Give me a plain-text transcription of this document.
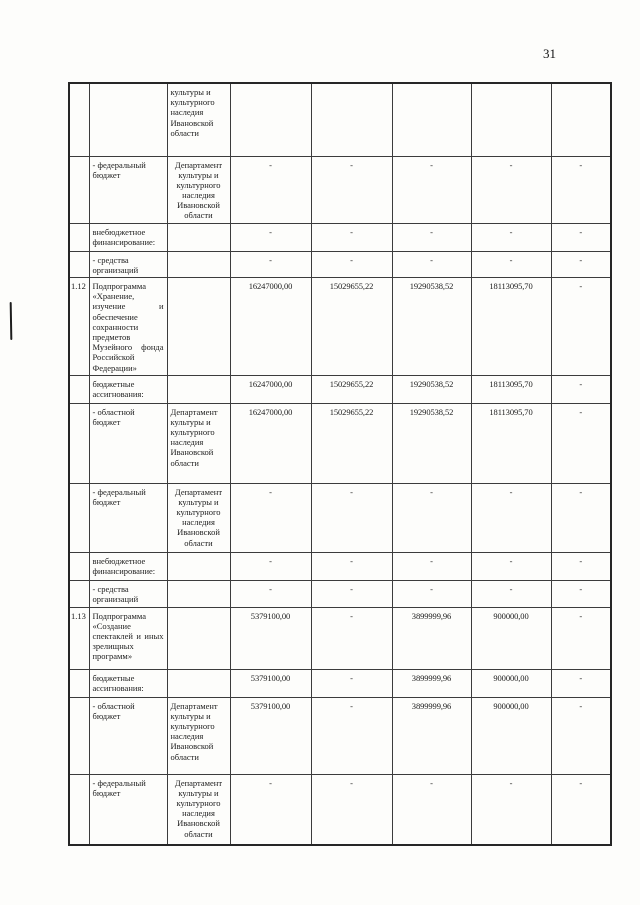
31
		культуры и культурного наследия Ивановской области					
	- федеральный бюджет	Департамент культуры и культурного наследия Ивановской области	-	-	-	-	-
	внебюджетное финансирование:		-	-	-	-	-
	- средства организаций		-	-	-	-	-
1.12	Подпрограмма «Хранение, изучение и обеспечение сохранности предметов Музейного фонда Российской Федерации»		16247000,00	15029655,22	19290538,52	18113095,70	-
	бюджетные ассигнования:		16247000,00	15029655,22	19290538,52	18113095,70	-
	- областной бюджет	Департамент культуры и культурного наследия Ивановской области	16247000,00	15029655,22	19290538,52	18113095,70	-
	- федеральный бюджет	Департамент культуры и культурного наследия Ивановской области	-	-	-	-	-
	внебюджетное финансирование:		-	-	-	-	-
	- средства организаций		-	-	-	-	-
1.13	Подпрограмма «Создание спектаклей и иных зрелищных программ»		5379100,00	-	3899999,96	900000,00	-
	бюджетные ассигнования:		5379100,00	-	3899999,96	900000,00	-
	- областной бюджет	Департамент культуры и культурного наследия Ивановской области	5379100,00	-	3899999,96	900000,00	-
	- федеральный бюджет	Департамент культуры и культурного наследия Ивановской области	-	-	-	-	-
